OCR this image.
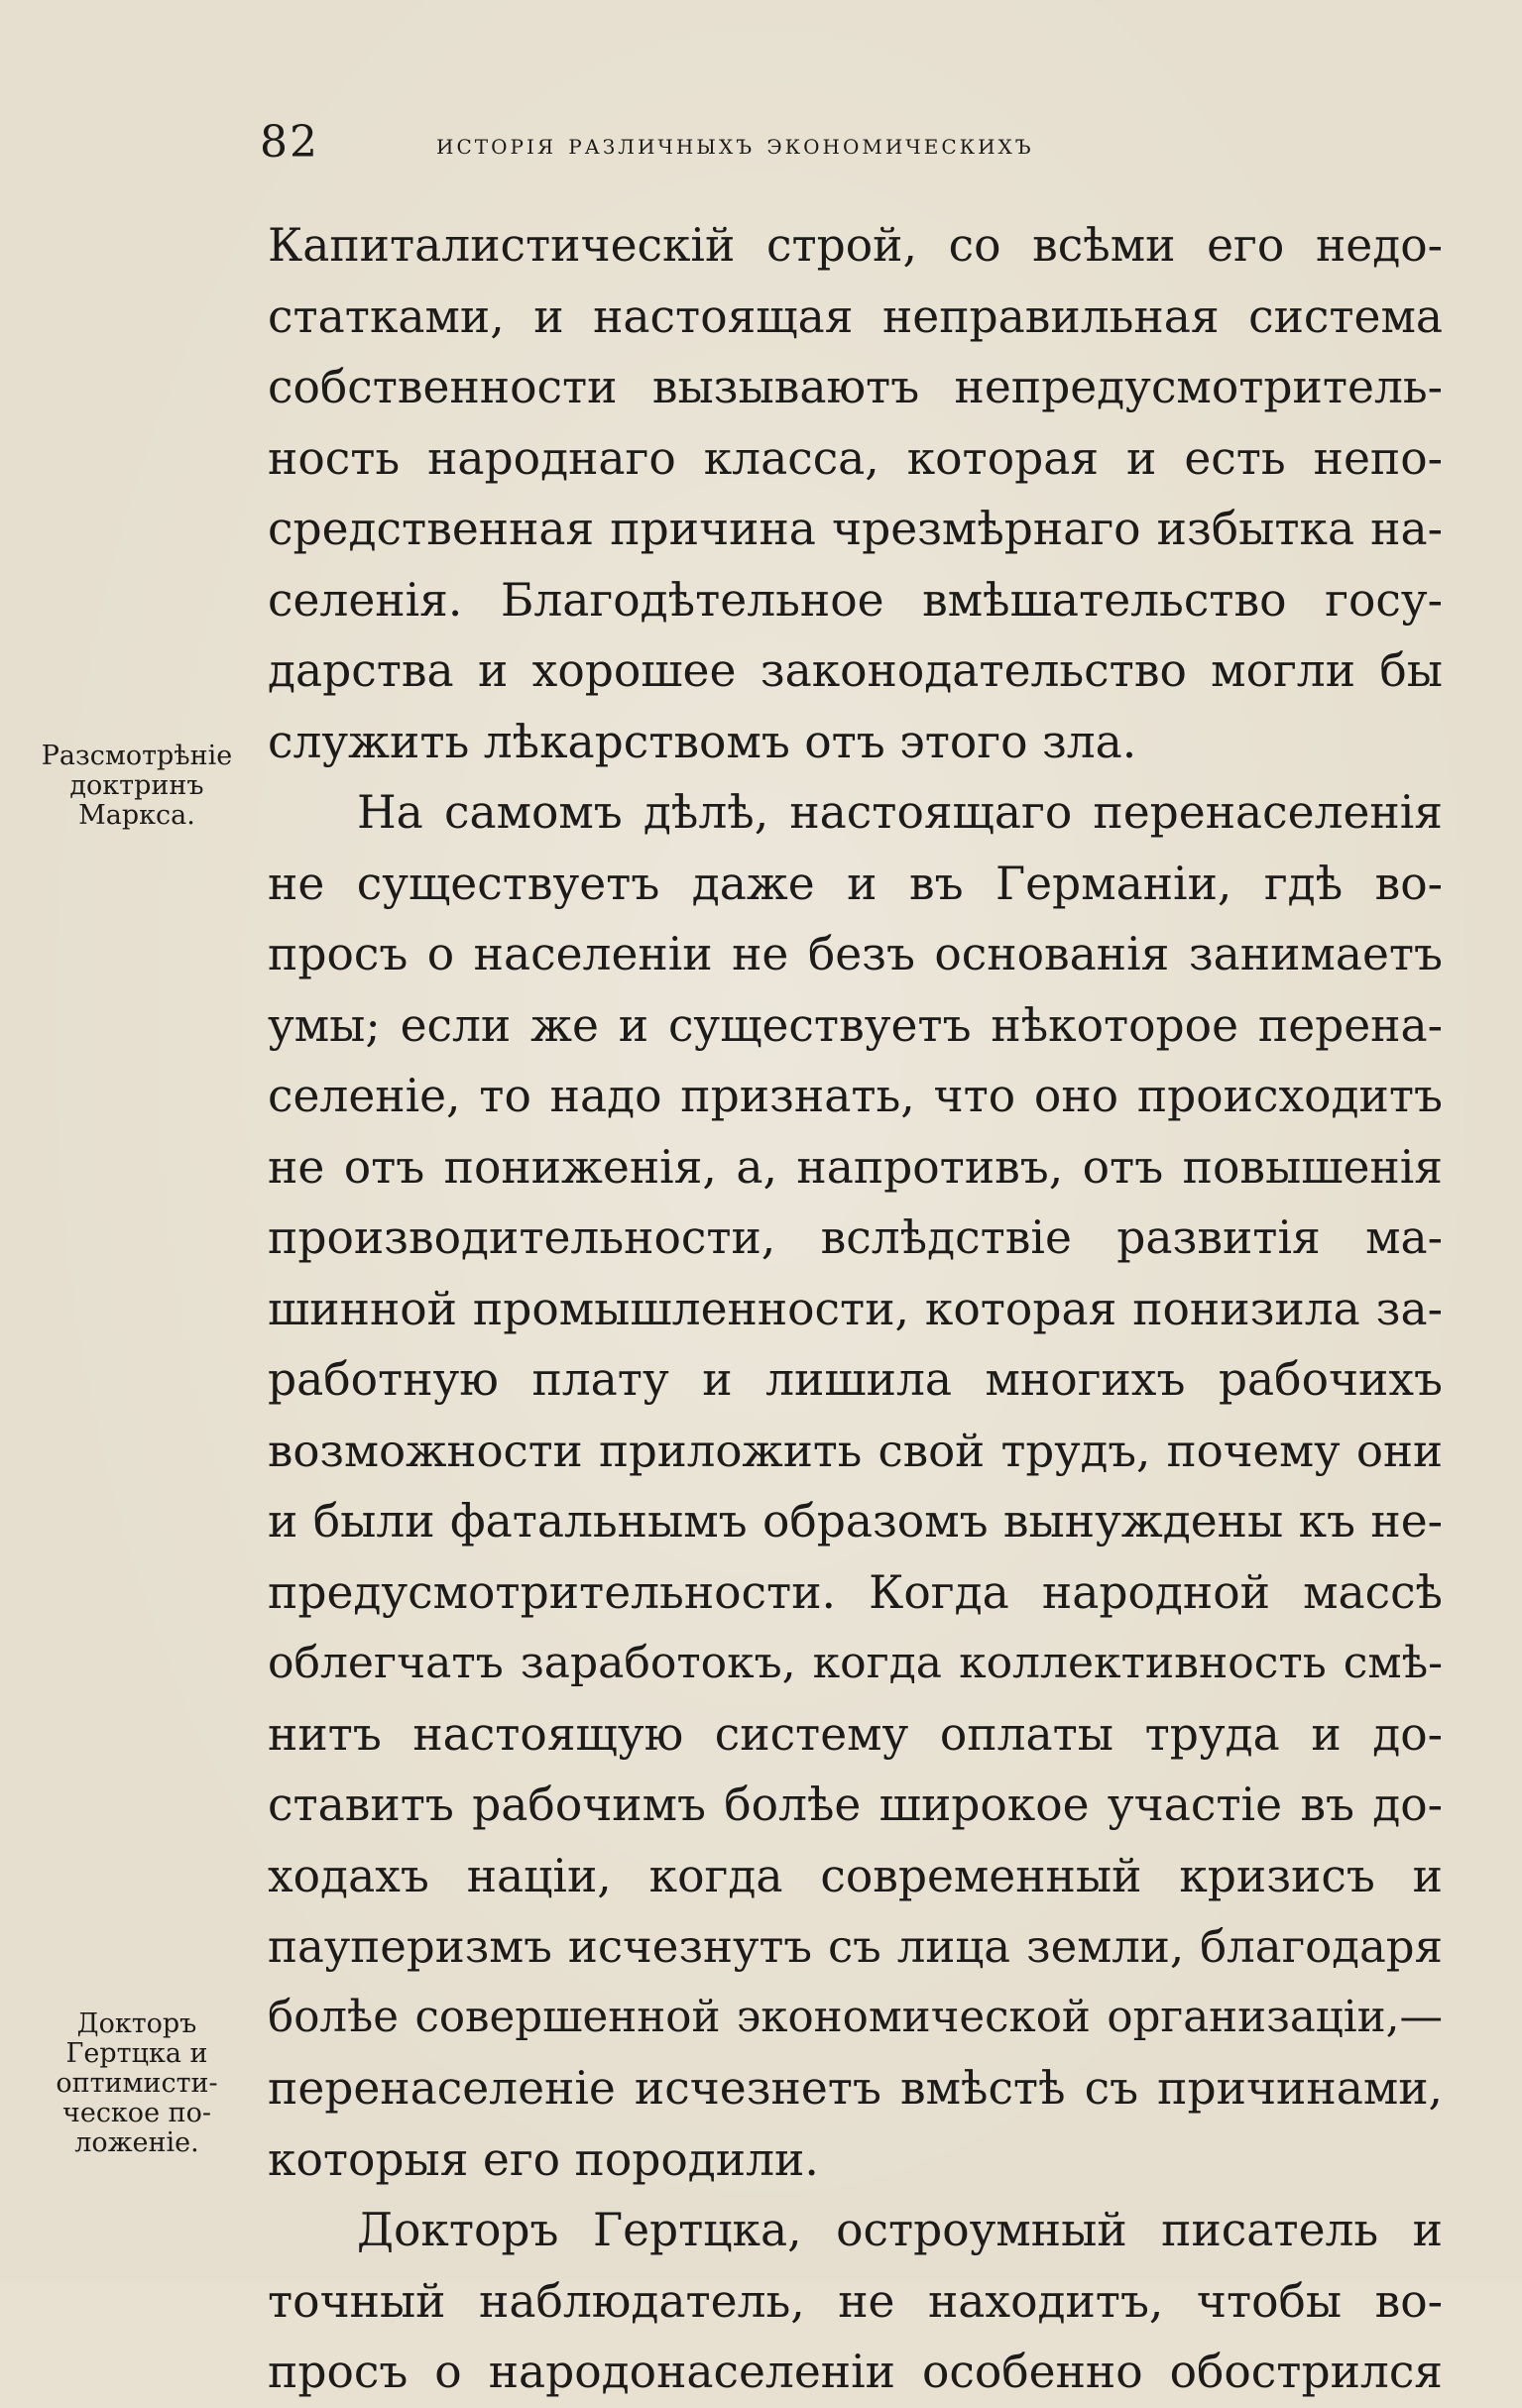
82	исторія различныхъ экономическихъ
Разсмотрѣніе
доктринъ
Маркса.
Докторъ
Гертцка и
оптимисти-
ческое по-
ложеніе.
Капиталистическій строй, со всѣми его недо-
статками, и настоящая неправильная система
собственности вызываютъ непредусмотритель-
ность народнаго класса, которая и есть непо-
средственная причина чрезмѣрнаго избытка на-
селенія. Благодѣтельное вмѣшательство госу-
дарства и хорошее законодательство могли бы
служить лѣкарствомъ отъ этого зла.
На самомъ дѣлѣ, настоящаго перенаселенія
не существуетъ даже и въ Германіи, гдѣ во-
просъ о населеніи не безъ основанія занимаетъ
умы; если же и существуетъ нѣкоторое перена-
селеніе, то надо признать, что оно происходитъ
не отъ пониженія, а, напротивъ, отъ повышенія
производительности, вслѣдствіе развитія ма-
шинной промышленности, которая понизила за-
работную плату и лишила многихъ рабочихъ
возможности приложить свой трудъ, почему они
и были фатальнымъ образомъ вынуждены къ не-
предусмотрительности. Когда народной массѣ
облегчатъ заработокъ, когда коллективность смѣ-
нитъ настоящую систему оплаты труда и до-
ставитъ рабочимъ болѣе широкое участіе въ до-
ходахъ націи, когда современный кризисъ и
пауперизмъ исчезнутъ съ лица земли, благодаря
болѣе совершенной экономической организаціи,—
перенаселеніе исчезнетъ вмѣстѣ съ причинами,
которыя его породили.
Докторъ Гертцка, остроумный писатель и
точный наблюдатель, не находитъ, чтобы во-
просъ о народонаселеніи особенно обострился
